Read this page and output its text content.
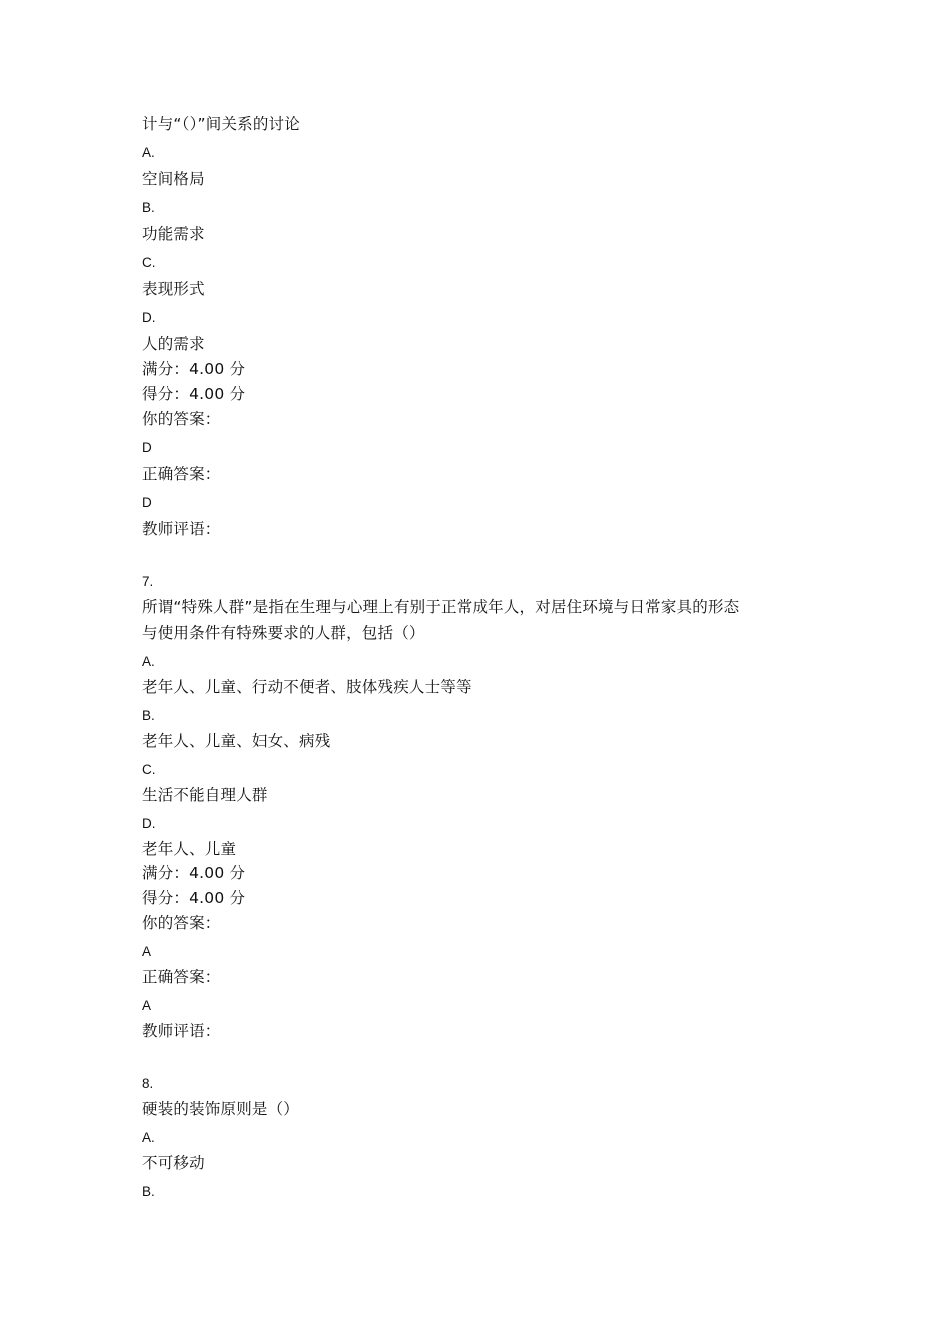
计与“（）”间关系的讨论
A.
空间格局
B.
功能需求
C.
表现形式
D.
人的需求
满分：4.00 分
得分：4.00 分
你的答案：
D
正确答案：
D
教师评语：
7.
所谓“特殊人群”是指在生理与心理上有别于正常成年人，对居住环境与日常家具的形态
与使用条件有特殊要求的人群，包括（）
A.
老年人、儿童、行动不便者、肢体残疾人士等等
B.
老年人、儿童、妇女、病残
C.
生活不能自理人群
D.
老年人、儿童
满分：4.00 分
得分：4.00 分
你的答案：
A
正确答案：
A
教师评语：
8.
硬装的装饰原则是（）
A.
不可移动
B.
